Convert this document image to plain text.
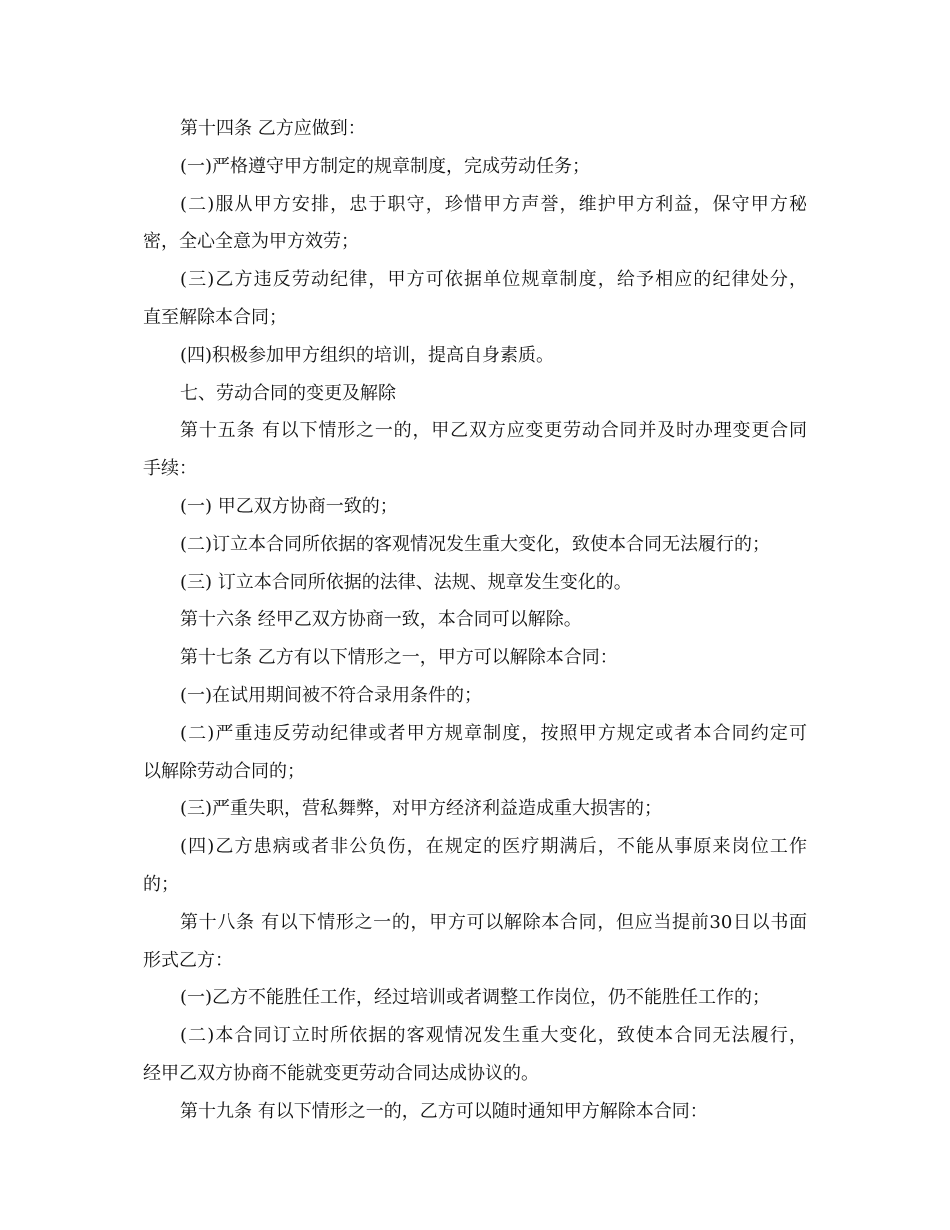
第十四条 乙方应做到：
(一)严格遵守甲方制定的规章制度，完成劳动任务；
(二)服从甲方安排，忠于职守，珍惜甲方声誉，维护甲方利益，保守甲方秘
密，全心全意为甲方效劳；
(三)乙方违反劳动纪律，甲方可依据单位规章制度，给予相应的纪律处分，
直至解除本合同；
(四)积极参加甲方组织的培训，提高自身素质。
七、劳动合同的变更及解除
第十五条 有以下情形之一的，甲乙双方应变更劳动合同并及时办理变更合同
手续：
(一) 甲乙双方协商一致的；
(二)订立本合同所依据的客观情况发生重大变化，致使本合同无法履行的；
(三) 订立本合同所依据的法律、法规、规章发生变化的。
第十六条 经甲乙双方协商一致，本合同可以解除。
第十七条 乙方有以下情形之一，甲方可以解除本合同：
(一)在试用期间被不符合录用条件的；
(二)严重违反劳动纪律或者甲方规章制度，按照甲方规定或者本合同约定可
以解除劳动合同的；
(三)严重失职，营私舞弊，对甲方经济利益造成重大损害的；
(四)乙方患病或者非公负伤，在规定的医疗期满后，不能从事原来岗位工作
的；
第十八条 有以下情形之一的，甲方可以解除本合同，但应当提前30日以书面
形式乙方：
(一)乙方不能胜任工作，经过培训或者调整工作岗位，仍不能胜任工作的；
(二)本合同订立时所依据的客观情况发生重大变化，致使本合同无法履行，
经甲乙双方协商不能就变更劳动合同达成协议的。
第十九条 有以下情形之一的，乙方可以随时通知甲方解除本合同：
